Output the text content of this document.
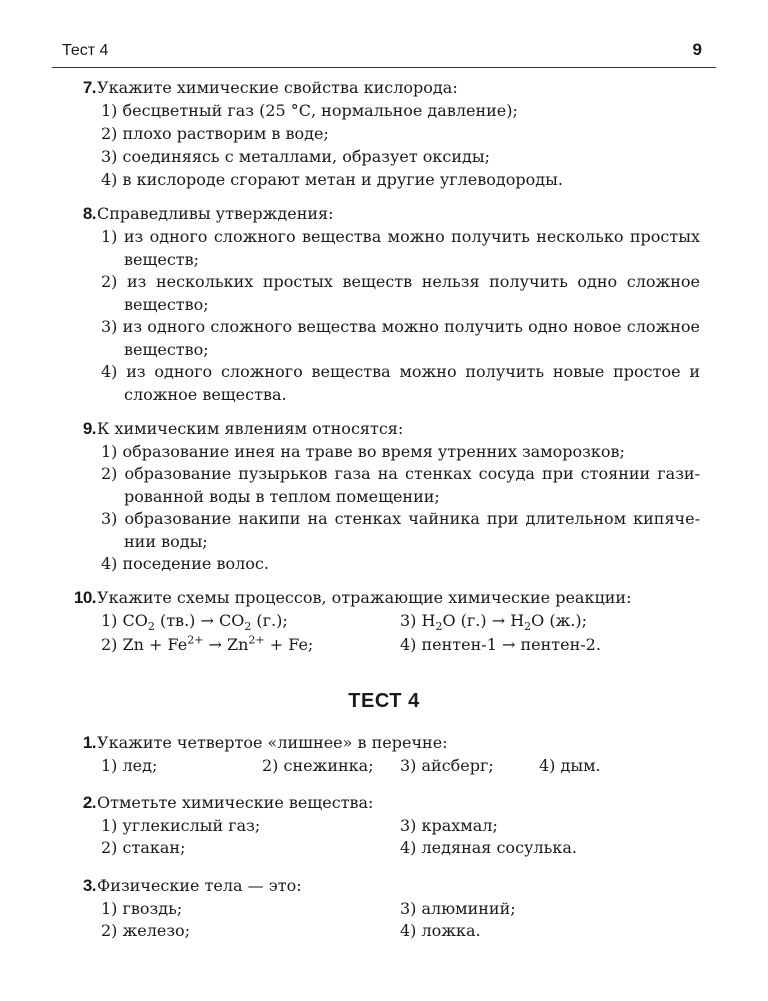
Тест 4	9
7. Укажите химические свойства кислорода:
1) бесцветный газ (25 °С, нормальное давление);
2) плохо растворим в воде;
3) соединяясь с металлами, образует оксиды;
4) в кислороде сгорают метан и другие углеводороды.
8. Справедливы утверждения:
1) из одного сложного вещества можно получить несколько простых
веществ;
2) из нескольких простых веществ нельзя получить одно сложное
вещество;
3) из одного сложного вещества можно получить одно новое сложное
вещество;
4) из одного сложного вещества можно получить новые простое и
сложное вещества.
9. К химическим явлениям относятся:
1) образование инея на траве во время утренних заморозков;
2) образование пузырьков газа на стенках сосуда при стоянии гази-
рованной воды в теплом помещении;
3) образование накипи на стенках чайника при длительном кипяче-
нии воды;
4) поседение волос.
10. Укажите схемы процессов, отражающие химические реакции:
1) $CO_2$ $(тв.) \to CO_2$ (г.);	3) $H_2O$ $(г.) \to H_2O$ (ж.);
2) $Zn + Fe^{2+} \to Zn^{2+} + Fe$;	4) пентен-1 → пентен-2.
ТЕСТ 4
1. Укажите четвертое «лишнее» в перечне:
1) лед;	2) снежинка; 3) айсберг;	4) дым.
2. Отметьте химические вещества:
1) углекислый газ;	3) крахмал;
2) стакан;	4) ледяная сосулька.
3. Физические тела — это:
1) гвоздь;	3) алюминий;
2) железо;	4) ложка.
